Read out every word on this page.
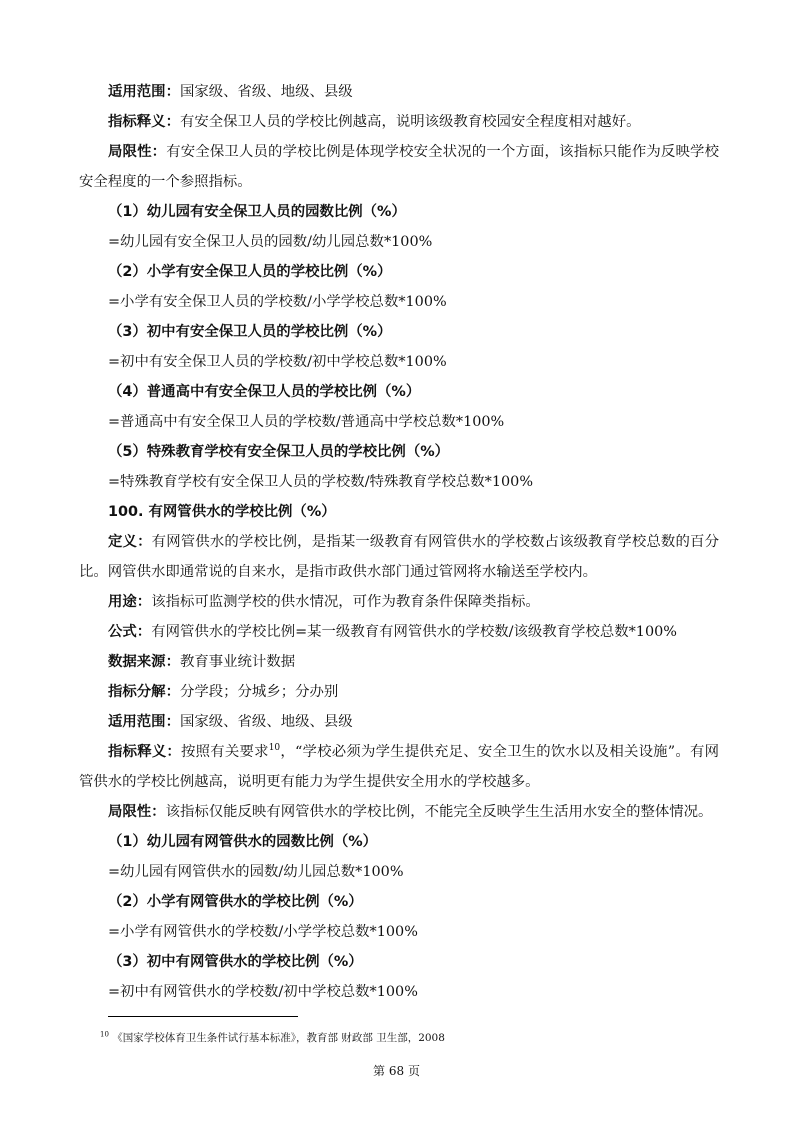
适用范围：国家级、省级、地级、县级

指标释义：有安全保卫人员的学校比例越高，说明该级教育校园安全程度相对越好。

局限性：有安全保卫人员的学校比例是体现学校安全状况的一个方面，该指标只能作为反映学校安全程度的一个参照指标。

（1）幼儿园有安全保卫人员的园数比例（%）

=幼儿园有安全保卫人员的园数/幼儿园总数*100%

（2）小学有安全保卫人员的学校比例（%）

=小学有安全保卫人员的学校数/小学学校总数*100%

（3）初中有安全保卫人员的学校比例（%）

=初中有安全保卫人员的学校数/初中学校总数*100%

（4）普通高中有安全保卫人员的学校比例（%）

=普通高中有安全保卫人员的学校数/普通高中学校总数*100%

（5）特殊教育学校有安全保卫人员的学校比例（%）

=特殊教育学校有安全保卫人员的学校数/特殊教育学校总数*100%

100. 有网管供水的学校比例（%）

定义：有网管供水的学校比例，是指某一级教育有网管供水的学校数占该级教育学校总数的百分比。网管供水即通常说的自来水，是指市政供水部门通过管网将水输送至学校内。

用途：该指标可监测学校的供水情况，可作为教育条件保障类指标。

公式：有网管供水的学校比例=某一级教育有网管供水的学校数/该级教育学校总数*100%

数据来源：教育事业统计数据

指标分解：分学段；分城乡；分办别

适用范围：国家级、省级、地级、县级

指标释义：按照有关要求$^{10}$，“学校必须为学生提供充足、安全卫生的饮水以及相关设施”。有网管供水的学校比例越高，说明更有能力为学生提供安全用水的学校越多。

局限性：该指标仅能反映有网管供水的学校比例，不能完全反映学生生活用水安全的整体情况。

（1）幼儿园有网管供水的园数比例（%）

=幼儿园有网管供水的园数/幼儿园总数*100%

（2）小学有网管供水的学校比例（%）

=小学有网管供水的学校数/小学学校总数*100%

（3）初中有网管供水的学校比例（%）

=初中有网管供水的学校数/初中学校总数*100%

$^{10}$ 《国家学校体育卫生条件试行基本标准》，教育部 财政部 卫生部，2008
第 68 页
